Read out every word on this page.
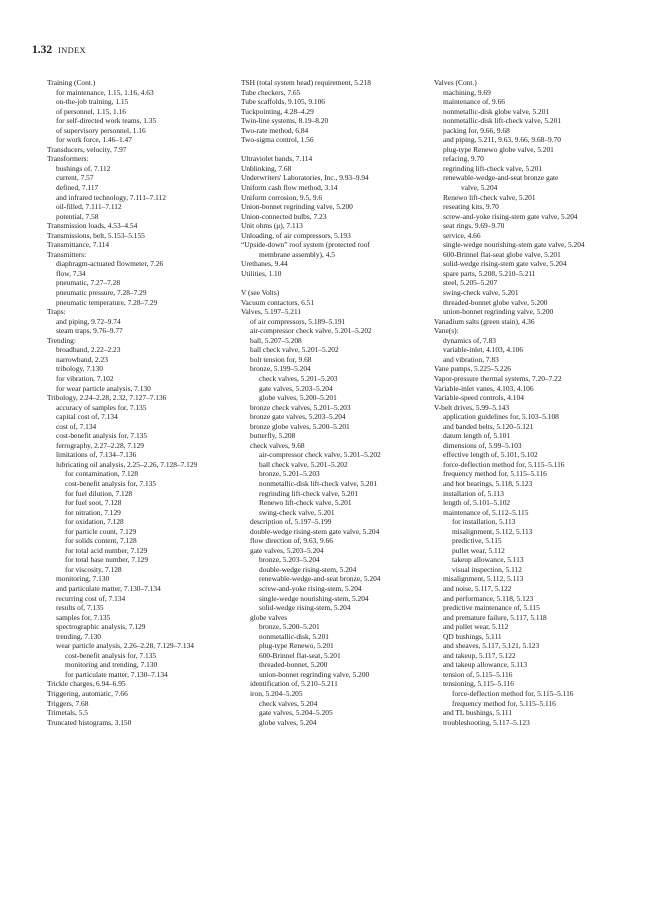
1.32 INDEX
Training (Cont.)
for maintenance, 1.15, 1.16, 4.63
on-the-job training, 1.15
of personnel, 1.15, 1.16
for self-directed work teams, 1.35
of supervisory personnel, 1.16
for work force, 1.46–1.47
Transducers, velocity, 7.97
Transformers:
bushings of, 7.112
current, 7.57
defined, 7.117
and infrared technology, 7.111–7.112
oil-filled, 7.111–7.112
potential, 7.58
Transmission loads, 4.53–4.54
Transmissions, belt, 5.153–5.155
Transmittance, 7.114
Transmitters:
diaphragm-actuated flowmeter, 7.26
flow, 7.34
pneumatic, 7.27–7.28
pneumatic pressure, 7.28–7.29
pneumatic temperature, 7.28–7.29
Traps:
and piping, 9.72–9.74
steam traps, 9.76–9.77
Trending:
broadband, 2.22–2.23
narrowband, 2.23
tribology, 7.130
for vibration, 7.102
for wear particle analysis, 7.130
Tribology, 2.24–2.28, 2.32, 7.127–7.136
accuracy of samples for, 7.135
capital cost of, 7.134
cost of, 7.134
cost-benefit analysis for, 7.135
ferrography, 2.27–2.28, 7.129
limitations of, 7.134–7.136
lubricating oil analysis, 2.25–2.26, 7.128–7.129
for contamination, 7.128
cost-benefit analysis for, 7.135
for fuel dilution, 7.128
for fuel soot, 7.128
for nitration, 7.129
for oxidation, 7.128
for particle count, 7.129
for solids content, 7.128
for total acid number, 7.129
for total base number, 7.129
for viscosity, 7.128
monitoring, 7.130
and particulate matter, 7.130–7.134
recurring cost of, 7.134
results of, 7.135
samples for, 7.135
spectrographic analysis, 7.129
trending, 7.130
wear particle analysis, 2.26–2.28, 7.129–7.134
cost-benefit analysis for, 7.135
monitoring and trending, 7.130
for particulate matter, 7.130–7.134
Trickle charges, 6.94–6.95
Triggering, automatic, 7.66
Triggers, 7.68
Trimetals, 5.5
Truncated histograms, 3.150
TSH (total system head) requirement, 5.218
Tube checkers, 7.65
Tube scaffolds, 9.105, 9.106
Tuckpointing, 4.28–4.29
Twin-line systems, 8.19–8.20
Two-rate method, 6.84
Two-sigma control, 1.56
Ultraviolet bands, 7.114
Unblinking, 7.68
Underwriters' Laboratories, Inc., 9.93–9.94
Uniform cash flow method, 3.14
Uniform corrosion, 9.5, 9.6
Union-bonnet regrinding valve, 5.200
Union-connected bulbs, 7.23
Unit ohms (μ), 7.113
Unloading, of air compressors, 5.193
“Upside-down” roof system (protected roof
membrane assembly), 4.5
Urethanes, 9.44
Utilities, 1.10
V (see Volts)
Vacuum contactors, 6.51
Valves, 5.197–5.211
of air compressors, 5.189–5.191
air-compressor check valve, 5.201–5.202
ball, 5.207–5.208
ball check valve, 5.201–5.202
bolt tension for, 9.68
bronze, 5.199–5.204
check valves, 5.201–5.203
gate valves, 5.203–5.204
globe valves, 5.200–5.201
bronze check valves, 5.201–5.203
bronze gate valves, 5.203–5.204
bronze globe valves, 5.200–5.201
butterfly, 5.208
check valves, 9.68
air-compressor check valve, 5.201–5.202
ball check valve, 5.201–5.202
bronze, 5.201–5.203
nonmetallic-disk lift-check valve, 5.201
regrinding lift-check valve, 5.201
Renewo lift-check valve, 5.201
swing-check valve, 5.201
description of, 5.197–5.199
double-wedge rising-stem gate valve, 5.204
flow direction of, 9.63, 9.66
gate valves, 5.203–5.204
bronze, 5.203–5.204
double-wedge rising-stem, 5.204
renewable-wedge-and-seat bronze, 5.204
screw-and-yoke rising-stem, 5.204
single-wedge nourishing-stem, 5.204
solid-wedge rising-stem, 5.204
globe valves
bronze, 5.200–5.201
nonmetallic-disk, 5.201
plug-type Renewo, 5.201
600-Brinnel flat-seat, 5.201
threaded-bonnet, 5.200
union-bonnet regrinding valve, 5.200
identification of, 5.210–5.211
iron, 5.204–5.205
check valves, 5.204
gate valves, 5.204–5.205
globe valves, 5.204
Valves (Cont.)
machining, 9.69
maintenance of, 9.66
nonmetallic-disk globe valve, 5.201
nonmetallic-disk lift-check valve, 5.201
packing for, 9.66, 9.68
and piping, 5.211, 9.63, 9.66, 9.68–9.70
plug-type Renewo globe valve, 5.201
refacing, 9.70
regrinding lift-check valve, 5.201
renewable-wedge-and-seat bronze gate
valve, 5.204
Renewo lift-check valve, 5.201
reseating kits, 9.70
screw-and-yoke rising-stem gate valve, 5.204
seat rings, 9.69–9.70
service, 4.66
single-wedge nourishing-stem gate valve, 5.204
600-Brinnel flat-seat globe valve, 5.201
solid-wedge rising-stem gate valve, 5.204
spare parts, 5.208, 5.210–5.211
steel, 5.205–5.207
swing-check valve, 5.201
threaded-bonnet globe valve, 5.200
union-bonnet regrinding valve, 5.200
Vanadium salts (green stain), 4.36
Vane(s):
dynamics of, 7.83
variable-inlet, 4.103, 4.106
and vibration, 7.83
Vane pumps, 5.225–5.226
Vapor-pressure thermal systems, 7.20–7.22
Variable-inlet vanes, 4.103, 4.106
Variable-speed controls, 4.104
V-belt drives, 5.99–5.143
application guidelines for, 5.103–5.108
and banded belts, 5.120–5.121
datum length of, 5.101
dimensions of, 5.99–5.103
effective length of, 5.101, 5.102
force-deflection method for, 5.115–5.116
frequency method for, 5.115–5.116
and hot bearings, 5.118, 5.123
installation of, 5.113
length of, 5.101–5.102
maintenance of, 5.112–5.115
for installation, 5.113
misalignment, 5.112, 5.113
predictive, 5.115
pullet wear, 5.112
takeup allowance, 5.113
visual inspection, 5.112
misalignment, 5.112, 5.113
and noise, 5.117, 5.122
and performance, 5.118, 5.123
predictive maintenance of, 5.115
and premature failure, 5.117, 5.118
and pullet wear, 5.112
QD bushings, 5.111
and sheaves, 5.117, 5.121, 5.123
and takeup, 5.117, 5.122
and takeup allowance, 5.113
tension of, 5.115–5.116
tensioning, 5.115–5.116
force-deflection method for, 5.115–5.116
frequency method for, 5.115–5.116
and TL bushings, 5.111
troubleshooting, 5.117–5.123
